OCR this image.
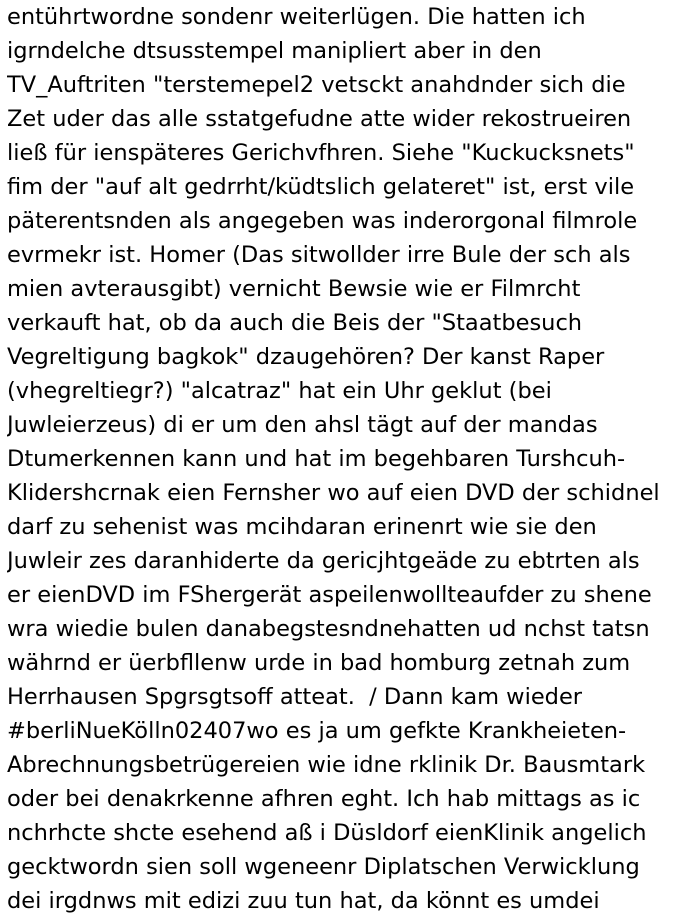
entührtwordne sondenr weiterlügen. Die hatten ich
igrndelche dtsusstempel manipliert aber in den
TV_Auftriten "terstemepel2 vetsckt anahdnder sich die
Zet uder das alle sstatgefudne atte wider rekostrueiren
ließ für ienspäteres Gerichvfhren. Siehe "Kuckucksnets"
fim der "auf alt gedrrht/küdtslich gelateret" ist, erst vile
päterentsnden als angegeben was inderorgonal filmrole
evrmekr ist. Homer (Das sitwollder irre Bule der sch als
mien avterausgibt) vernicht Bewsie wie er Filmrcht
verkauft hat, ob da auch die Beis der "Staatbesuch
Vegreltigung bagkok" dzaugehören? Der kanst Raper
(vhegreltiegr?) "alcatraz" hat ein Uhr geklut (bei
Juwleierzeus) di er um den ahsl tägt auf der mandas
Dtumerkennen kann und hat im begehbaren Turshcuh-
Klidershcrnak eien Fernsher wo auf eien DVD der schidnel
darf zu sehenist was mcihdaran erinenrt wie sie den
Juwleir zes daranhiderte da gericjhtgeäde zu ebtrten als
er eienDVD im FShergerät aspeilenwollteaufder zu shene
wra wiedie bulen danabegstesndnehatten ud nchst tatsn
währnd er üerbfllenw urde in bad homburg zetnah zum
Herrhausen Spgrsgtsoff atteat.  / Dann kam wieder
#berliNueKölln02407wo es ja um gefkte Krankheieten-
Abrechnungsbetrügereien wie idne rklinik Dr. Bausmtark
oder bei denakrkenne afhren eght. Ich hab mittags as ic
nchrhcte shcte esehend aß i Düsldorf eienKlinik angelich
gecktwordn sien soll wgeneenr Diplatschen Verwicklung
dei irgdnws mit edizi zuu tun hat, da könnt es umdei
